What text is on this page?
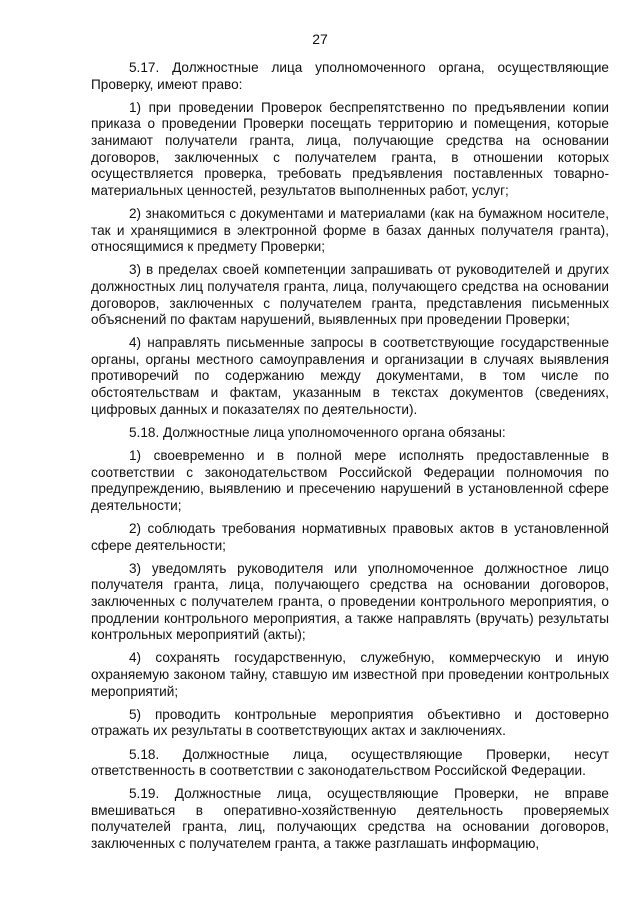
27

5.17. Должностные лица уполномоченного органа, осуществляющие Проверку, имеют право:

1) при проведении Проверок беспрепятственно по предъявлении копии приказа о проведении Проверки посещать территорию и помещения, которые занимают получатели гранта, лица, получающие средства на основании договоров, заключенных с получателем гранта, в отношении которых осуществляется проверка, требовать предъявления поставленных товарно-материальных ценностей, результатов выполненных работ, услуг;

2) знакомиться с документами и материалами (как на бумажном носителе, так и хранящимися в электронной форме в базах данных получателя гранта), относящимися к предмету Проверки;

3) в пределах своей компетенции запрашивать от руководителей и других должностных лиц получателя гранта, лица, получающего средства на основании договоров, заключенных с получателем гранта, представления письменных объяснений по фактам нарушений, выявленных при проведении Проверки;

4) направлять письменные запросы в соответствующие государственные органы, органы местного самоуправления и организации в случаях выявления противоречий по содержанию между документами, в том числе по обстоятельствам и фактам, указанным в текстах документов (сведениях, цифровых данных и показателях по деятельности).

5.18. Должностные лица уполномоченного органа обязаны:

1) своевременно и в полной мере исполнять предоставленные в соответствии с законодательством Российской Федерации полномочия по предупреждению, выявлению и пресечению нарушений в установленной сфере деятельности;

2) соблюдать требования нормативных правовых актов в установленной сфере деятельности;

3) уведомлять руководителя или уполномоченное должностное лицо получателя гранта, лица, получающего средства на основании договоров, заключенных с получателем гранта, о проведении контрольного мероприятия, о продлении контрольного мероприятия, а также направлять (вручать) результаты контрольных мероприятий (акты);

4) сохранять государственную, служебную, коммерческую и иную охраняемую законом тайну, ставшую им известной при проведении контрольных мероприятий;

5) проводить контрольные мероприятия объективно и достоверно отражать их результаты в соответствующих актах и заключениях.

5.18. Должностные лица, осуществляющие Проверки, несут ответственность в соответствии с законодательством Российской Федерации.

5.19. Должностные лица, осуществляющие Проверки, не вправе вмешиваться в оперативно-хозяйственную деятельность проверяемых получателей гранта, лиц, получающих средства на основании договоров, заключенных с получателем гранта, а также разглашать информацию,
